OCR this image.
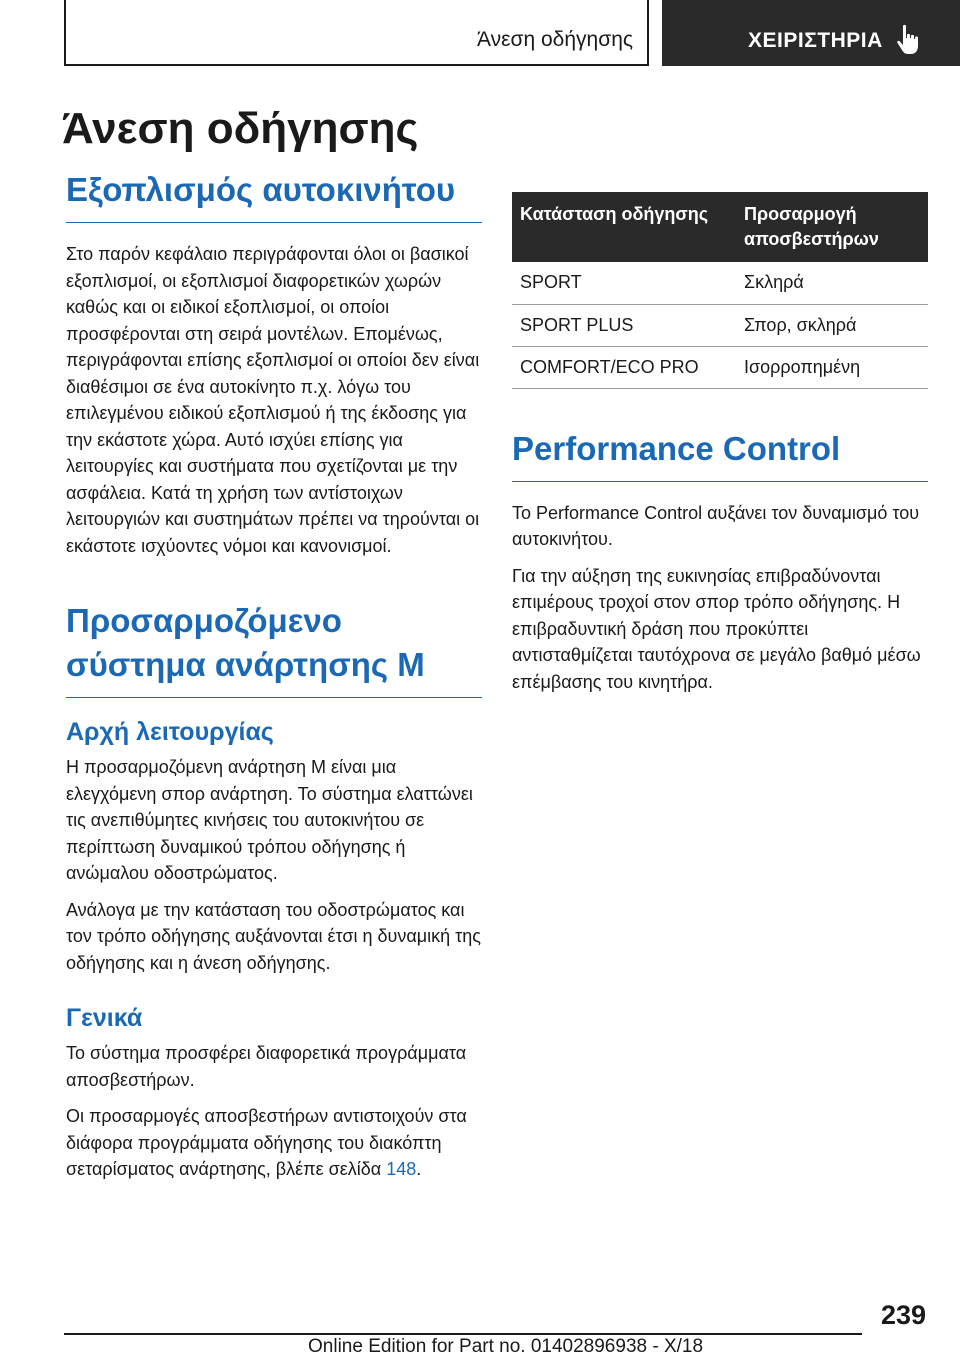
Άνεση οδήγησης	ΧΕΙΡΙΣΤΗΡΙΑ
Άνεση οδήγησης
Εξοπλισμός αυτοκινήτου

Στο παρόν κεφάλαιο περιγράφονται όλοι οι βασικοί εξοπλισμοί, οι εξοπλισμοί διαφορετικών χωρών καθώς και οι ειδικοί εξοπλισμοί, οι οποίοι προσφέρονται στη σειρά μοντέλων. Επομένως, περιγράφονται επίσης εξοπλισμοί οι οποίοι δεν είναι διαθέσιμοι σε ένα αυτοκίνητο π.χ. λόγω του επιλεγμένου ειδικού εξοπλισμού ή της έκδοσης για την εκάστοτε χώρα. Αυτό ισχύει επίσης για λειτουργίες και συστήματα που σχετίζονται με την ασφάλεια. Κατά τη χρήση των αντίστοιχων λειτουργιών και συστημάτων πρέπει να τηρούνται οι εκάστοτε ισχύοντες νόμοι και κανονισμοί.

Προσαρμοζόμενο σύστημα ανάρτησης M
Αρχή λειτουργίας

Η προσαρμοζόμενη ανάρτηση M είναι μια ελεγχόμενη σπορ ανάρτηση. Το σύστημα ελαττώνει τις ανεπιθύμητες κινήσεις του αυτοκινήτου σε περίπτωση δυναμικού τρόπου οδήγησης ή ανώμαλου οδοστρώματος.

Ανάλογα με την κατάσταση του οδοστρώματος και τον τρόπο οδήγησης αυξάνονται έτσι η δυναμική της οδήγησης και η άνεση οδήγησης.

Γενικά

Το σύστημα προσφέρει διαφορετικά προγράμματα αποσβεστήρων.

Οι προσαρμογές αποσβεστήρων αντιστοιχούν στα διάφορα προγράμματα οδήγησης του διακόπτη σεταρίσματος ανάρτησης, βλέπε σελίδα 148.

Κατάσταση οδήγησης	Προσαρμογή αποσβεστήρων
SPORT	Σκληρά
SPORT PLUS	Σπορ, σκληρά
COMFORT/ECO PRO	Ισορροπημένη
Performance Control

Το Performance Control αυξάνει τον δυναμισμό του αυτοκινήτου.

Για την αύξηση της ευκινησίας επιβραδύνονται επιμέρους τροχοί στον σπορ τρόπο οδήγησης. Η επιβραδυντική δράση που προκύπτει αντισταθμίζεται ταυτόχρονα σε μεγάλο βαθμό μέσω επέμβασης του κινητήρα.

239
Online Edition for Part no. 01402896938 - X/18
